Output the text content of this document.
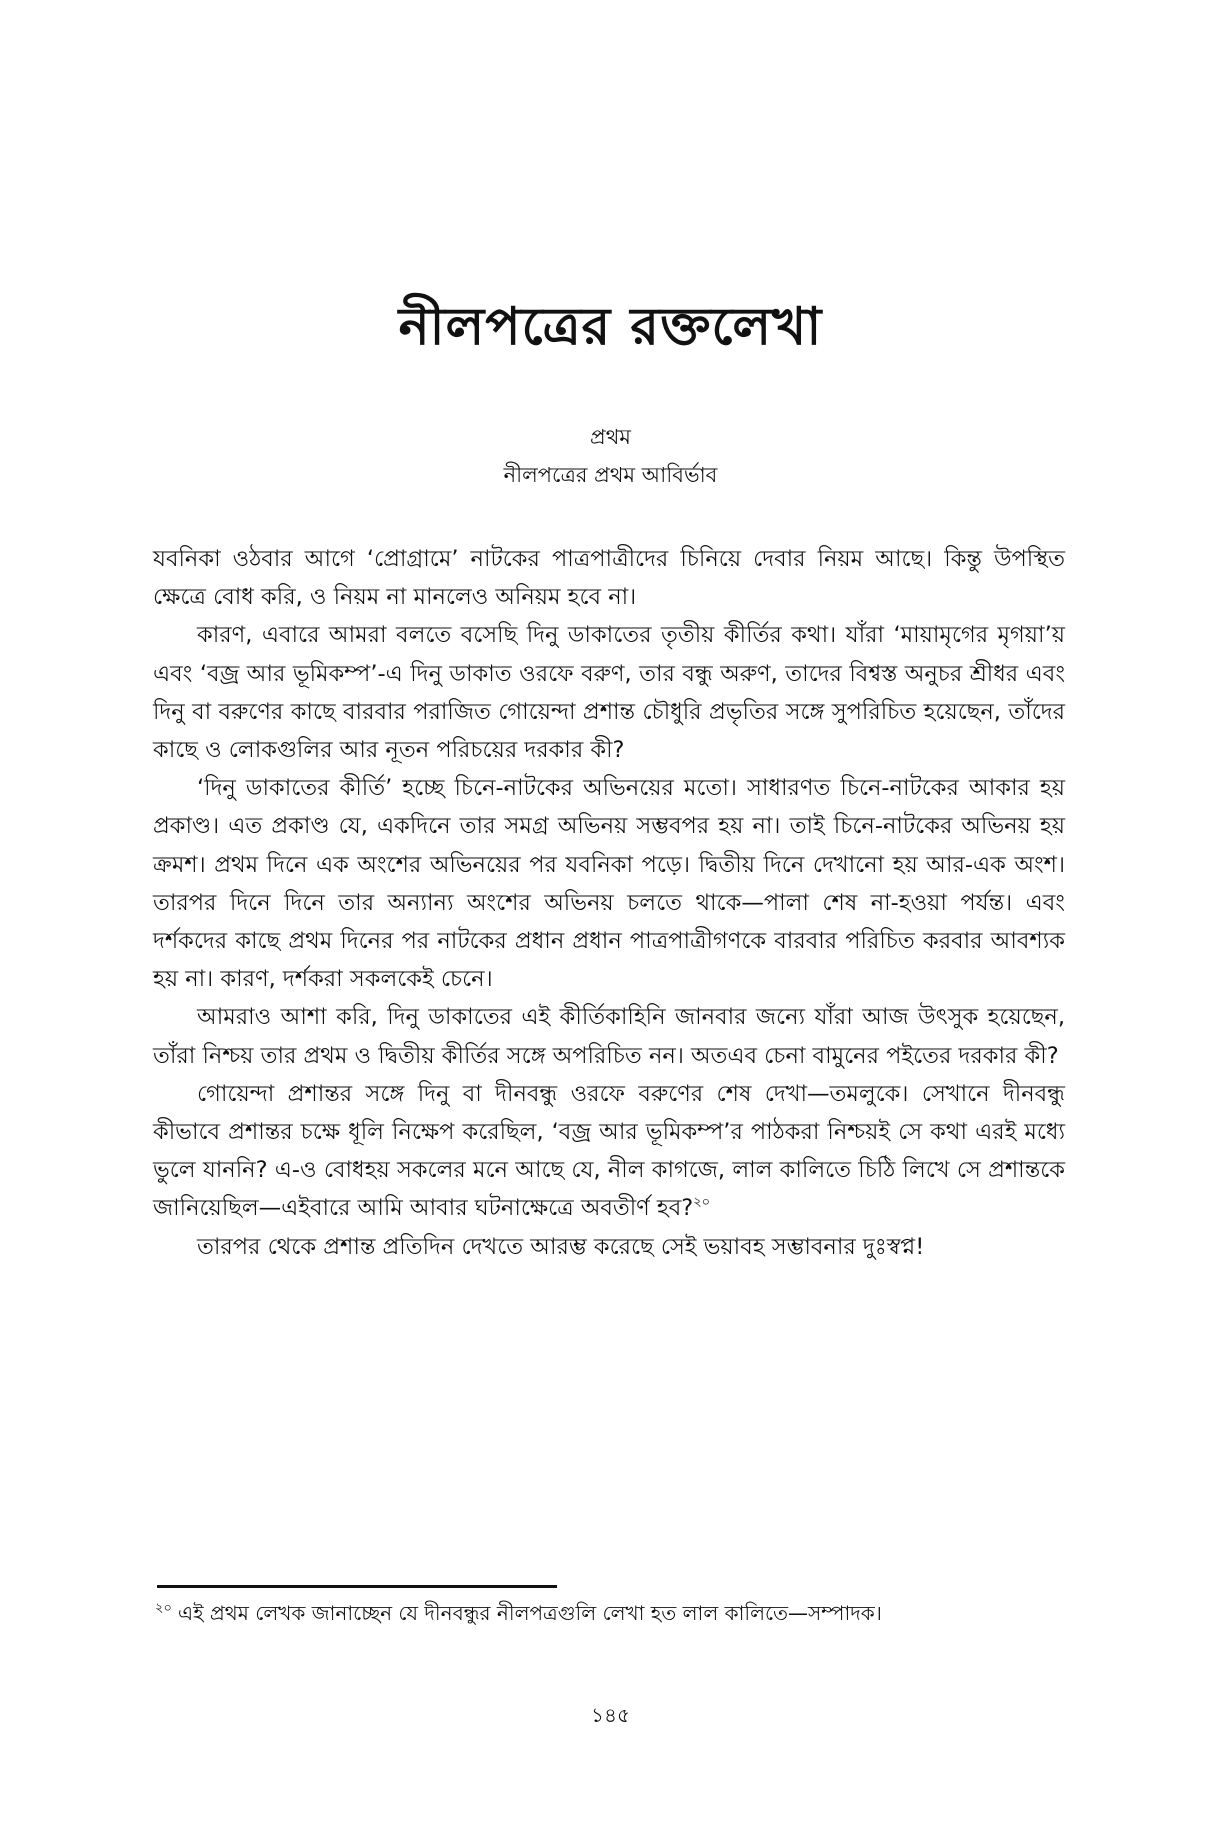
নীলপত্রের রক্তলেখা
প্রথম
নীলপত্রের প্রথম আবির্ভাব

যবনিকা ওঠবার আগে ‘প্রোগ্রামে’ নাটকের পাত্রপাত্রীদের চিনিয়ে দেবার নিয়ম আছে। কিন্তু উপস্থিত ক্ষেত্রে বোধ করি, ও নিয়ম না মানলেও অনিয়ম হবে না।

কারণ, এবারে আমরা বলতে বসেছি দিনু ডাকাতের তৃতীয় কীর্তির কথা। যাঁরা ‘মায়ামৃগের মৃগয়া’য় এবং ‘বজ্র আর ভূমিকম্প’-এ দিনু ডাকাত ওরফে বরুণ, তার বন্ধু অরুণ, তাদের বিশ্বস্ত অনুচর শ্রীধর এবং দিনু বা বরুণের কাছে বারবার পরাজিত গোয়েন্দা প্রশান্ত চৌধুরি প্রভৃতির সঙ্গে সুপরিচিত হয়েছেন, তাঁদের কাছে ও লোকগুলির আর নূতন পরিচয়ের দরকার কী?

‘দিনু ডাকাতের কীর্তি’ হচ্ছে চিনে-নাটকের অভিনয়ের মতো। সাধারণত চিনে-নাটকের আকার হয় প্রকাণ্ড। এত প্রকাণ্ড যে, একদিনে তার সমগ্র অভিনয় সম্ভবপর হয় না। তাই চিনে-নাটকের অভিনয় হয় ক্রমশ। প্রথম দিনে এক অংশের অভিনয়ের পর যবনিকা পড়ে। দ্বিতীয় দিনে দেখানো হয় আর-এক অংশ। তারপর দিনে দিনে তার অন্যান্য অংশের অভিনয় চলতে থাকে—পালা শেষ না-হওয়া পর্যন্ত। এবং দর্শকদের কাছে প্রথম দিনের পর নাটকের প্রধান প্রধান পাত্রপাত্রীগণকে বারবার পরিচিত করবার আবশ্যক হয় না। কারণ, দর্শকরা সকলকেই চেনে।

আমরাও আশা করি, দিনু ডাকাতের এই কীর্তিকাহিনি জানবার জন্যে যাঁরা আজ উৎসুক হয়েছেন, তাঁরা নিশ্চয় তার প্রথম ও দ্বিতীয় কীর্তির সঙ্গে অপরিচিত নন। অতএব চেনা বামুনের পইতের দরকার কী?

গোয়েন্দা প্রশান্তর সঙ্গে দিনু বা দীনবন্ধু ওরফে বরুণের শেষ দেখা—তমলুকে। সেখানে দীনবন্ধু কীভাবে প্রশান্তর চক্ষে ধূলি নিক্ষেপ করেছিল, ‘বজ্র আর ভূমিকম্প’র পাঠকরা নিশ্চয়ই সে কথা এরই মধ্যে ভুলে যাননি? এ-ও বোধহয় সকলের মনে আছে যে, নীল কাগজে, লাল কালিতে চিঠি লিখে সে প্রশান্তকে জানিয়েছিল—এইবারে আমি আবার ঘটনাক্ষেত্রে অবতীর্ণ হব?$^{২০}$

তারপর থেকে প্রশান্ত প্রতিদিন দেখতে আরম্ভ করেছে সেই ভয়াবহ সম্ভাবনার দুঃস্বপ্ন!

$^{২০}$ এই প্রথম লেখক জানাচ্ছেন যে দীনবন্ধুর নীলপত্রগুলি লেখা হত লাল কালিতে—সম্পাদক।
১৪৫
